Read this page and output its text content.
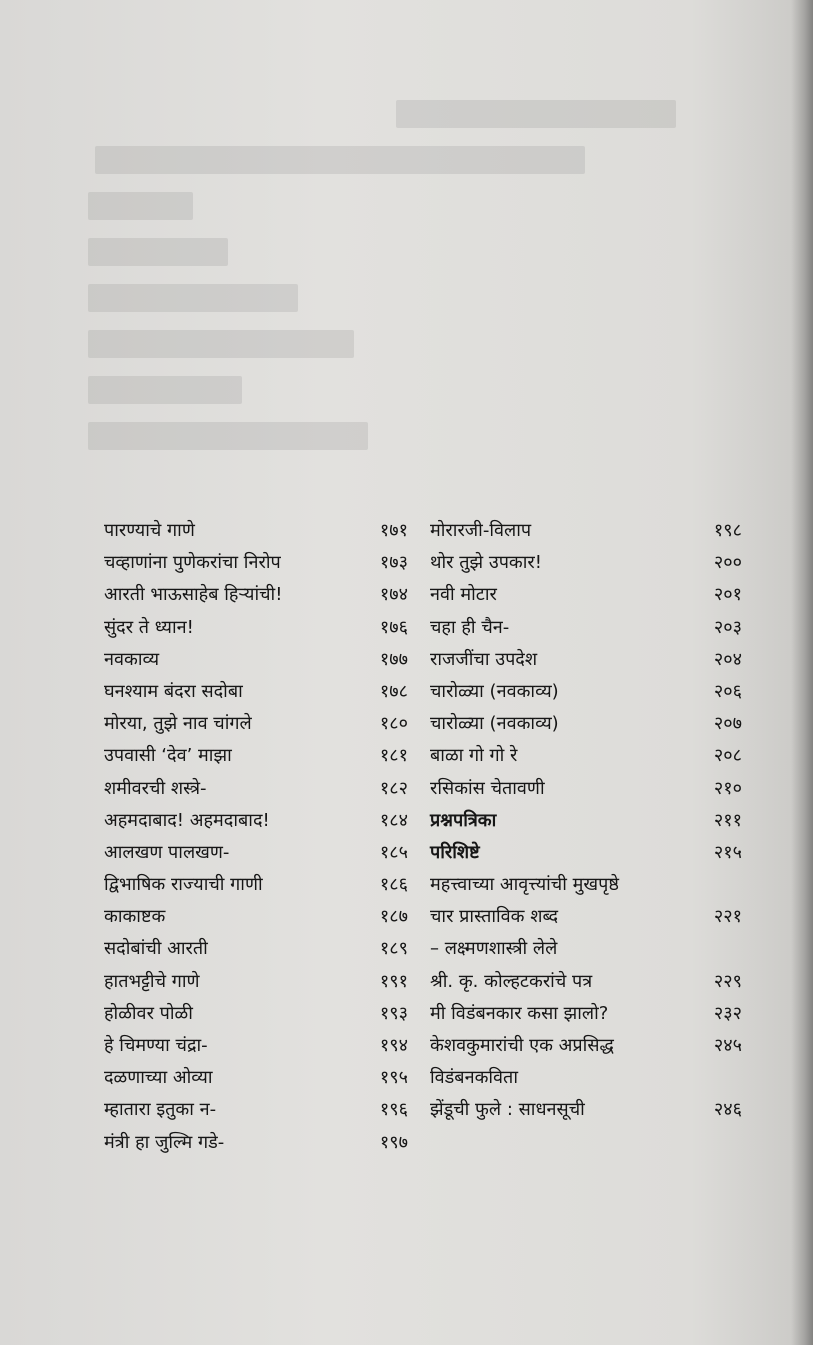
पारण्याचे गाणे	१७१
चव्हाणांना पुणेकरांचा निरोप	१७३
आरती भाऊसाहेब हिऱ्यांची!	१७४
सुंदर ते ध्यान!	१७६
नवकाव्य	१७७
घनश्याम बंदरा सदोबा	१७८
मोरया, तुझे नाव चांगले	१८०
उपवासी ‘देव’ माझा	१८१
शमीवरची शस्त्रे-	१८२
अहमदाबाद! अहमदाबाद!	१८४
आलखण पालखण-	१८५
द्विभाषिक राज्याची गाणी	१८६
काकाष्टक	१८७
सदोबांची आरती	१८९
हातभट्टीचे गाणे	१९१
होळीवर पोळी	१९३
हे चिमण्या चंद्रा-	१९४
दळणाच्या ओव्या	१९५
म्हातारा इतुका न-	१९६
मंत्री हा जुल्मि गडे-	१९७
मोरारजी-विलाप	१९८
थोर तुझे उपकार!	२००
नवी मोटार	२०१
चहा ही चैन-	२०३
राजजींचा उपदेश	२०४
चारोळ्या (नवकाव्य)	२०६
चारोळ्या (नवकाव्य)	२०७
बाळा गो गो रे	२०८
रसिकांस चेतावणी	२१०
प्रश्नपत्रिका	२११
परिशिष्टे	२१५
महत्त्वाच्या आवृत्त्यांची मुखपृष्ठे
चार प्रास्ताविक शब्द	२२१
– लक्ष्मणशास्त्री लेले
श्री. कृ. कोल्हटकरांचे पत्र	२२९
मी विडंबनकार कसा झालो?	२३२
केशवकुमारांची एक अप्रसिद्ध	२४५
विडंबनकविता
झेंडूची फुले : साधनसूची	२४६
